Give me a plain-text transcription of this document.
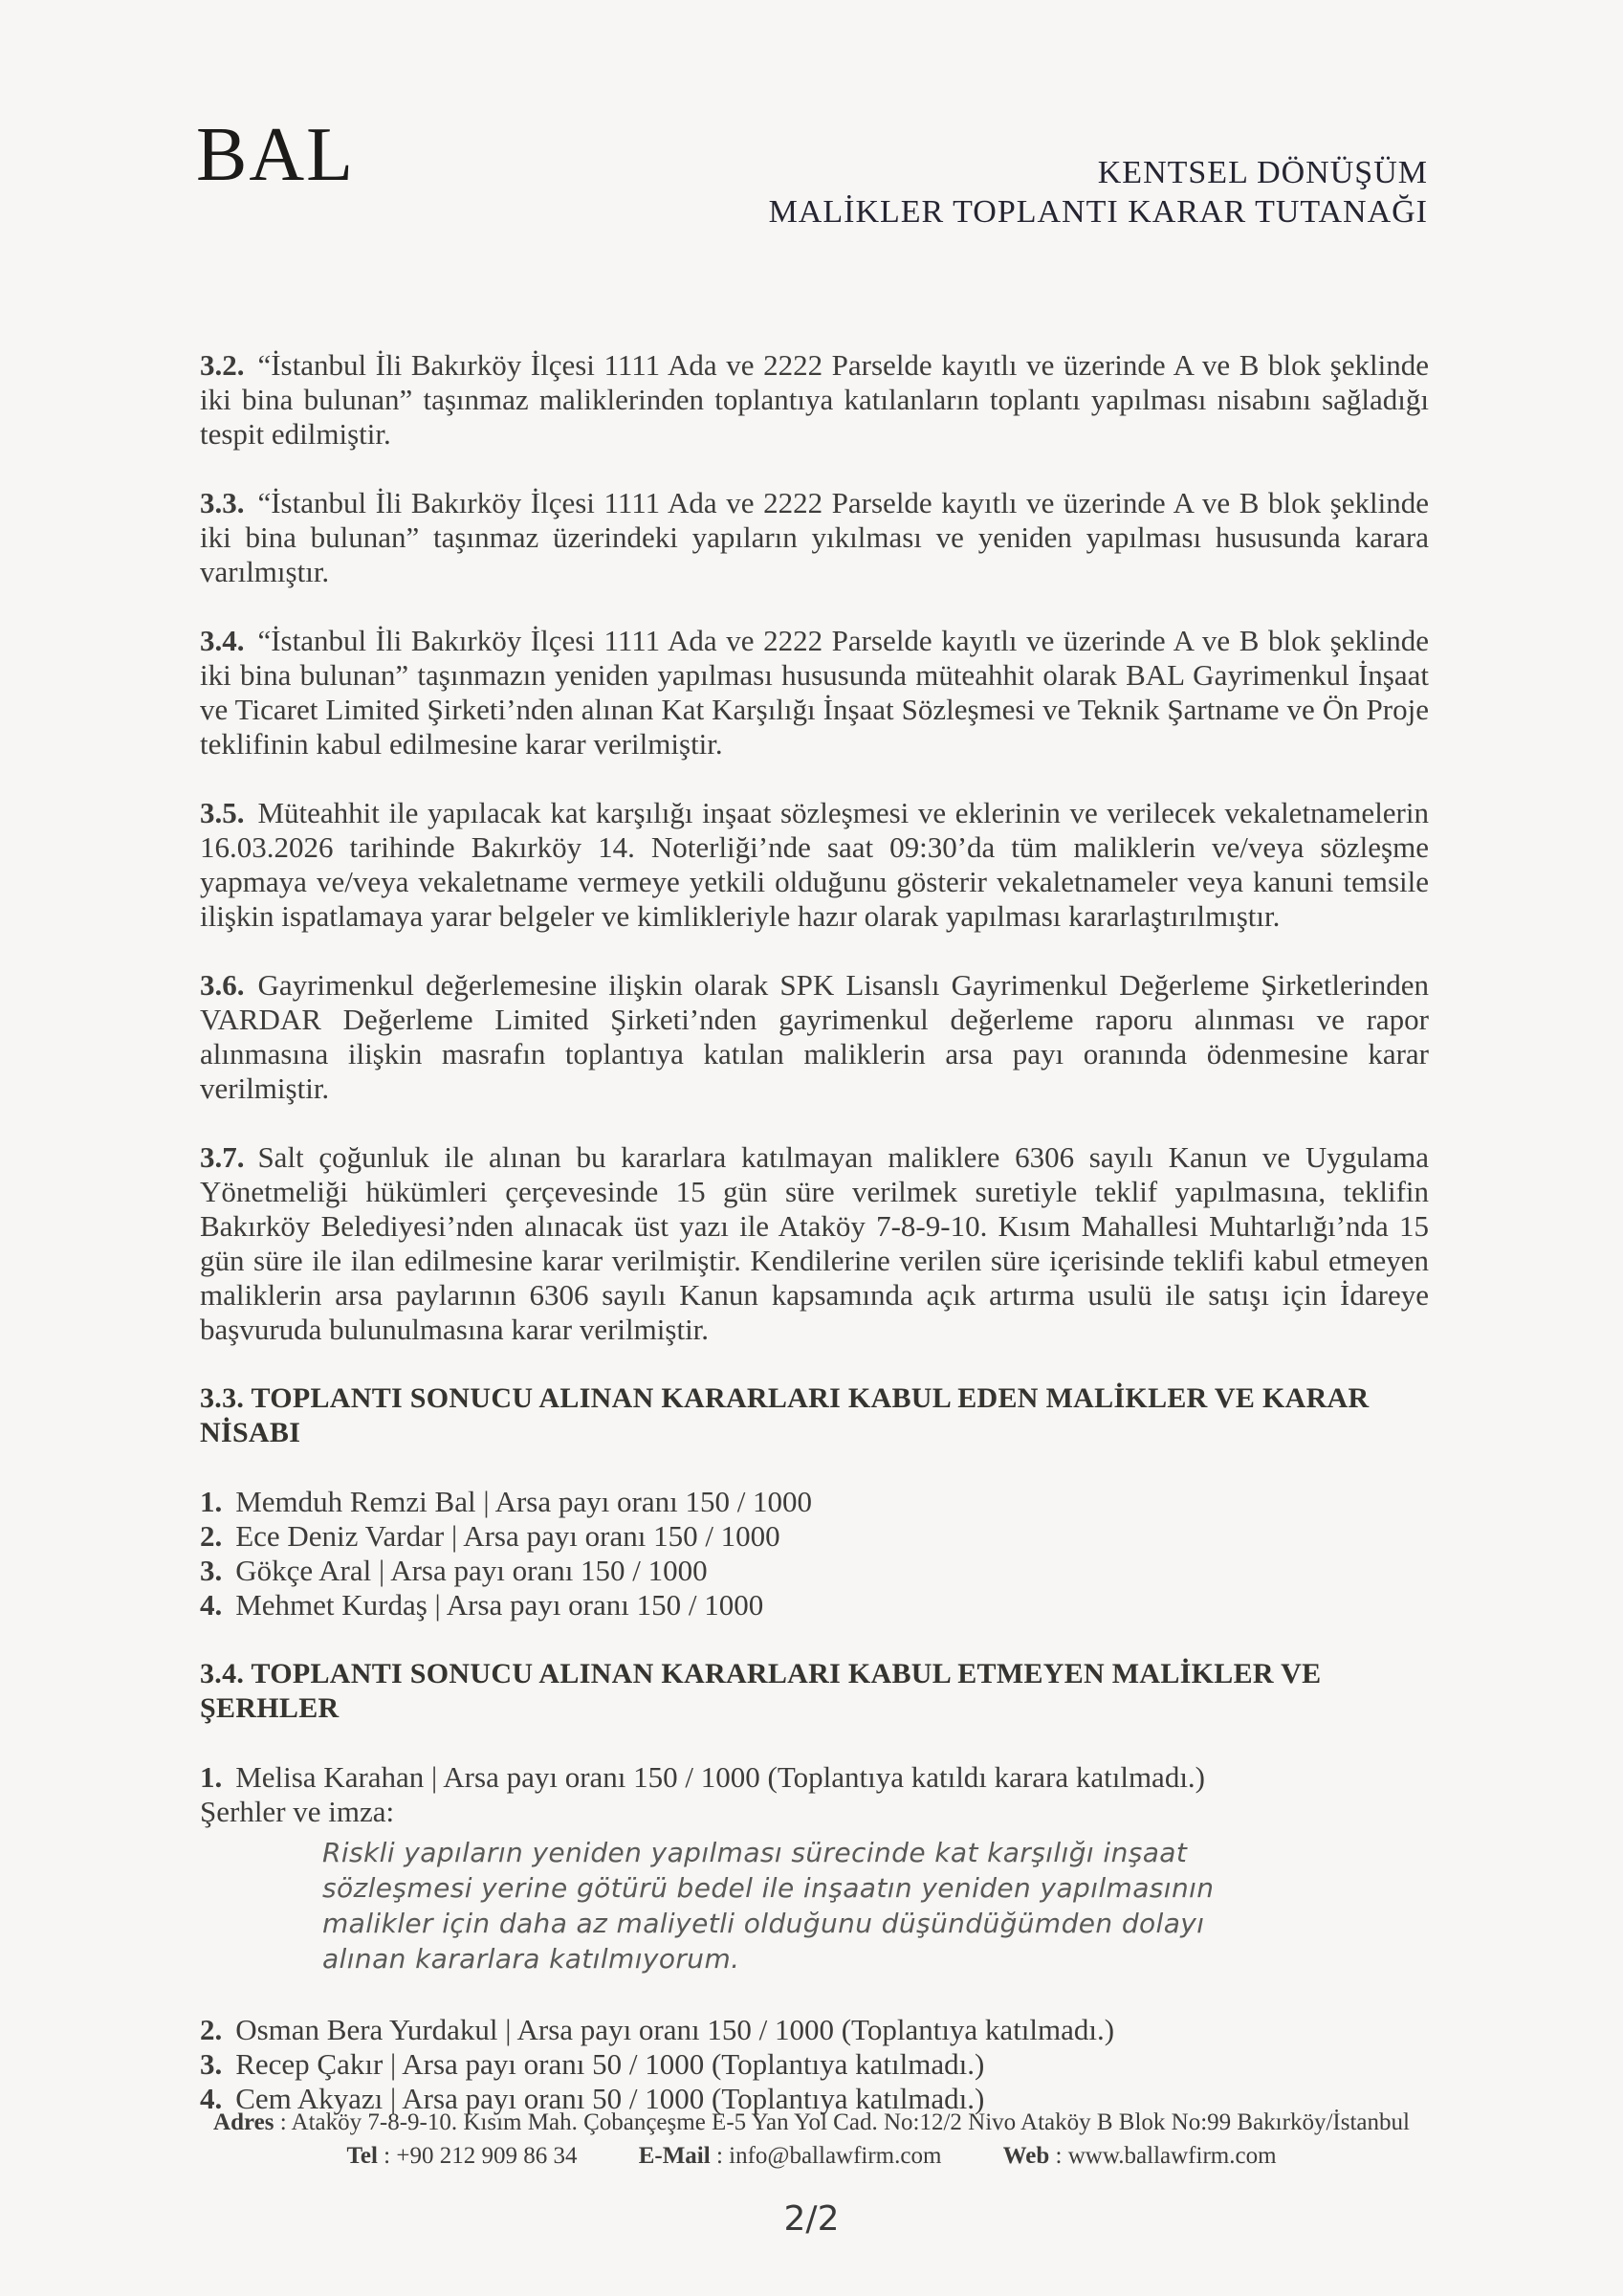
BAL	KENTSEL DÖNÜŞÜM
MALİKLER TOPLANTI KARAR TUTANAĞI

3.2. “İstanbul İli Bakırköy İlçesi 1111 Ada ve 2222 Parselde kayıtlı ve üzerinde A ve B blok şeklinde iki bina bulunan” taşınmaz maliklerinden toplantıya katılanların toplantı yapılması nisabını sağladığı tespit edilmiştir.

3.3. “İstanbul İli Bakırköy İlçesi 1111 Ada ve 2222 Parselde kayıtlı ve üzerinde A ve B blok şeklinde iki bina bulunan” taşınmaz üzerindeki yapıların yıkılması ve yeniden yapılması hususunda karara varılmıştır.

3.4. “İstanbul İli Bakırköy İlçesi 1111 Ada ve 2222 Parselde kayıtlı ve üzerinde A ve B blok şeklinde iki bina bulunan” taşınmazın yeniden yapılması hususunda müteahhit olarak BAL Gayrimenkul İnşaat ve Ticaret Limited Şirketi’nden alınan Kat Karşılığı İnşaat Sözleşmesi ve Teknik Şartname ve Ön Proje teklifinin kabul edilmesine karar verilmiştir.

3.5. Müteahhit ile yapılacak kat karşılığı inşaat sözleşmesi ve eklerinin ve verilecek vekaletnamelerin 16.03.2026 tarihinde Bakırköy 14. Noterliği’nde saat 09:30’da tüm maliklerin ve/veya sözleşme yapmaya ve/veya vekaletname vermeye yetkili olduğunu gösterir vekaletnameler veya kanuni temsile ilişkin ispatlamaya yarar belgeler ve kimlikleriyle hazır olarak yapılması kararlaştırılmıştır.

3.6. Gayrimenkul değerlemesine ilişkin olarak SPK Lisanslı Gayrimenkul Değerleme Şirketlerinden VARDAR Değerleme Limited Şirketi’nden gayrimenkul değerleme raporu alınması ve rapor alınmasına ilişkin masrafın toplantıya katılan maliklerin arsa payı oranında ödenmesine karar verilmiştir.

3.7. Salt çoğunluk ile alınan bu kararlara katılmayan maliklere 6306 sayılı Kanun ve Uygulama Yönetmeliği hükümleri çerçevesinde 15 gün süre verilmek suretiyle teklif yapılmasına, teklifin Bakırköy Belediyesi’nden alınacak üst yazı ile Ataköy 7-8-9-10. Kısım Mahallesi Muhtarlığı’nda 15 gün süre ile ilan edilmesine karar verilmiştir. Kendilerine verilen süre içerisinde teklifi kabul etmeyen maliklerin arsa paylarının 6306 sayılı Kanun kapsamında açık artırma usulü ile satışı için İdareye başvuruda bulunulmasına karar verilmiştir.

3.3. TOPLANTI SONUCU ALINAN KARARLARI KABUL EDEN MALİKLER VE KARAR NİSABI
1. Memduh Remzi Bal | Arsa payı oranı 150 / 1000
2. Ece Deniz Vardar | Arsa payı oranı 150 / 1000
3. Gökçe Aral | Arsa payı oranı 150 / 1000
4. Mehmet Kurdaş | Arsa payı oranı 150 / 1000
3.4. TOPLANTI SONUCU ALINAN KARARLARI KABUL ETMEYEN MALİKLER VE ŞERHLER
1. Melisa Karahan | Arsa payı oranı 150 / 1000 (Toplantıya katıldı karara katılmadı.)
Şerhler ve imza:
Riskli yapıların yeniden yapılması sürecinde kat karşılığı inşaat sözleşmesi yerine götürü bedel ile inşaatın yeniden yapılmasının malikler için daha az maliyetli olduğunu düşündüğümden dolayı alınan kararlara katılmıyorum.
2. Osman Bera Yurdakul | Arsa payı oranı 150 / 1000 (Toplantıya katılmadı.)
3. Recep Çakır | Arsa payı oranı 50 / 1000 (Toplantıya katılmadı.)
4. Cem Akyazı | Arsa payı oranı 50 / 1000 (Toplantıya katılmadı.)
Adres : Ataköy 7-8-9-10. Kısım Mah. Çobançeşme E-5 Yan Yol Cad. No:12/2 Nivo Ataköy B Blok No:99 Bakırköy/İstanbul
Tel : +90 212 909 86 34	E-Mail : info@ballawfirm.com	Web : www.ballawfirm.com
2/2
